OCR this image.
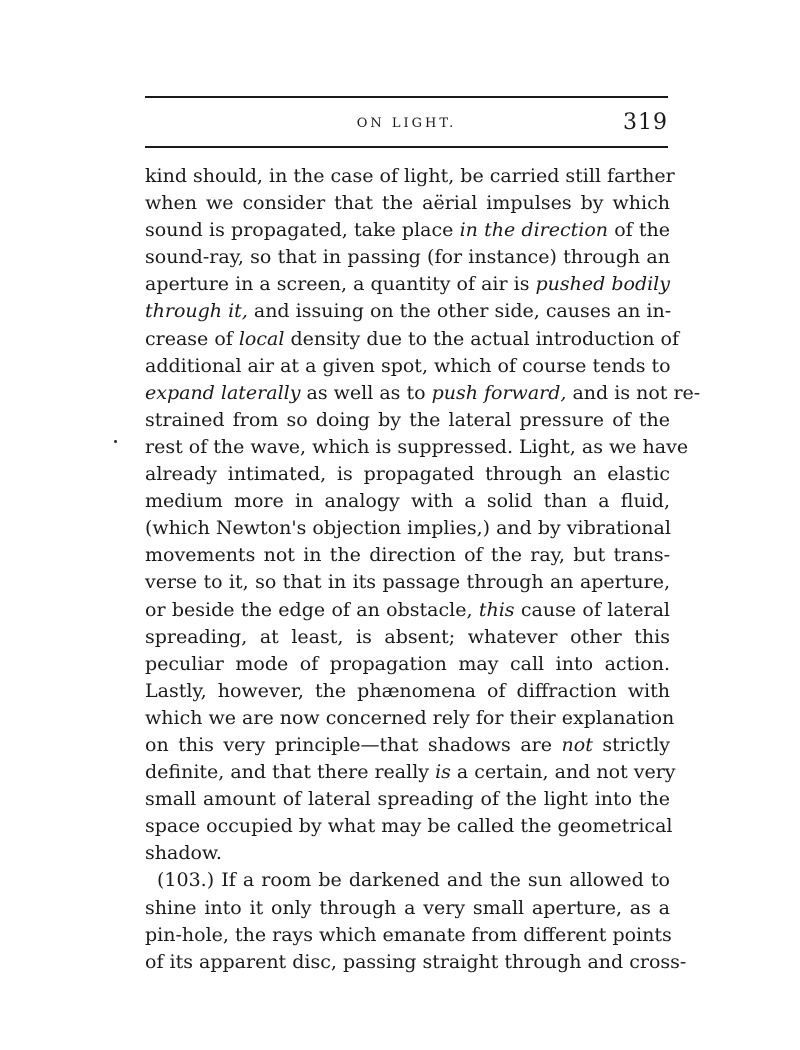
ON LIGHT.	319
kind should, in the case of light, be carried still farther
when we consider that the aërial impulses by which
sound is propagated, take place in the direction of the
sound-ray, so that in passing (for instance) through an
aperture in a screen, a quantity of air is pushed bodily
through it, and issuing on the other side, causes an in-
crease of local density due to the actual introduction of
additional air at a given spot, which of course tends to
expand laterally as well as to push forward, and is not re-
strained from so doing by the lateral pressure of the
rest of the wave, which is suppressed. Light, as we have
already intimated, is propagated through an elastic
medium more in analogy with a solid than a fluid,
(which Newton's objection implies,) and by vibrational
movements not in the direction of the ray, but trans-
verse to it, so that in its passage through an aperture,
or beside the edge of an obstacle, this cause of lateral
spreading, at least, is absent; whatever other this
peculiar mode of propagation may call into action.
Lastly, however, the phænomena of diffraction with
which we are now concerned rely for their explanation
on this very principle—that shadows are not strictly
definite, and that there really is a certain, and not very
small amount of lateral spreading of the light into the
space occupied by what may be called the geometrical
shadow.
(103.) If a room be darkened and the sun allowed to
shine into it only through a very small aperture, as a
pin-hole, the rays which emanate from different points
of its apparent disc, passing straight through and cross-
